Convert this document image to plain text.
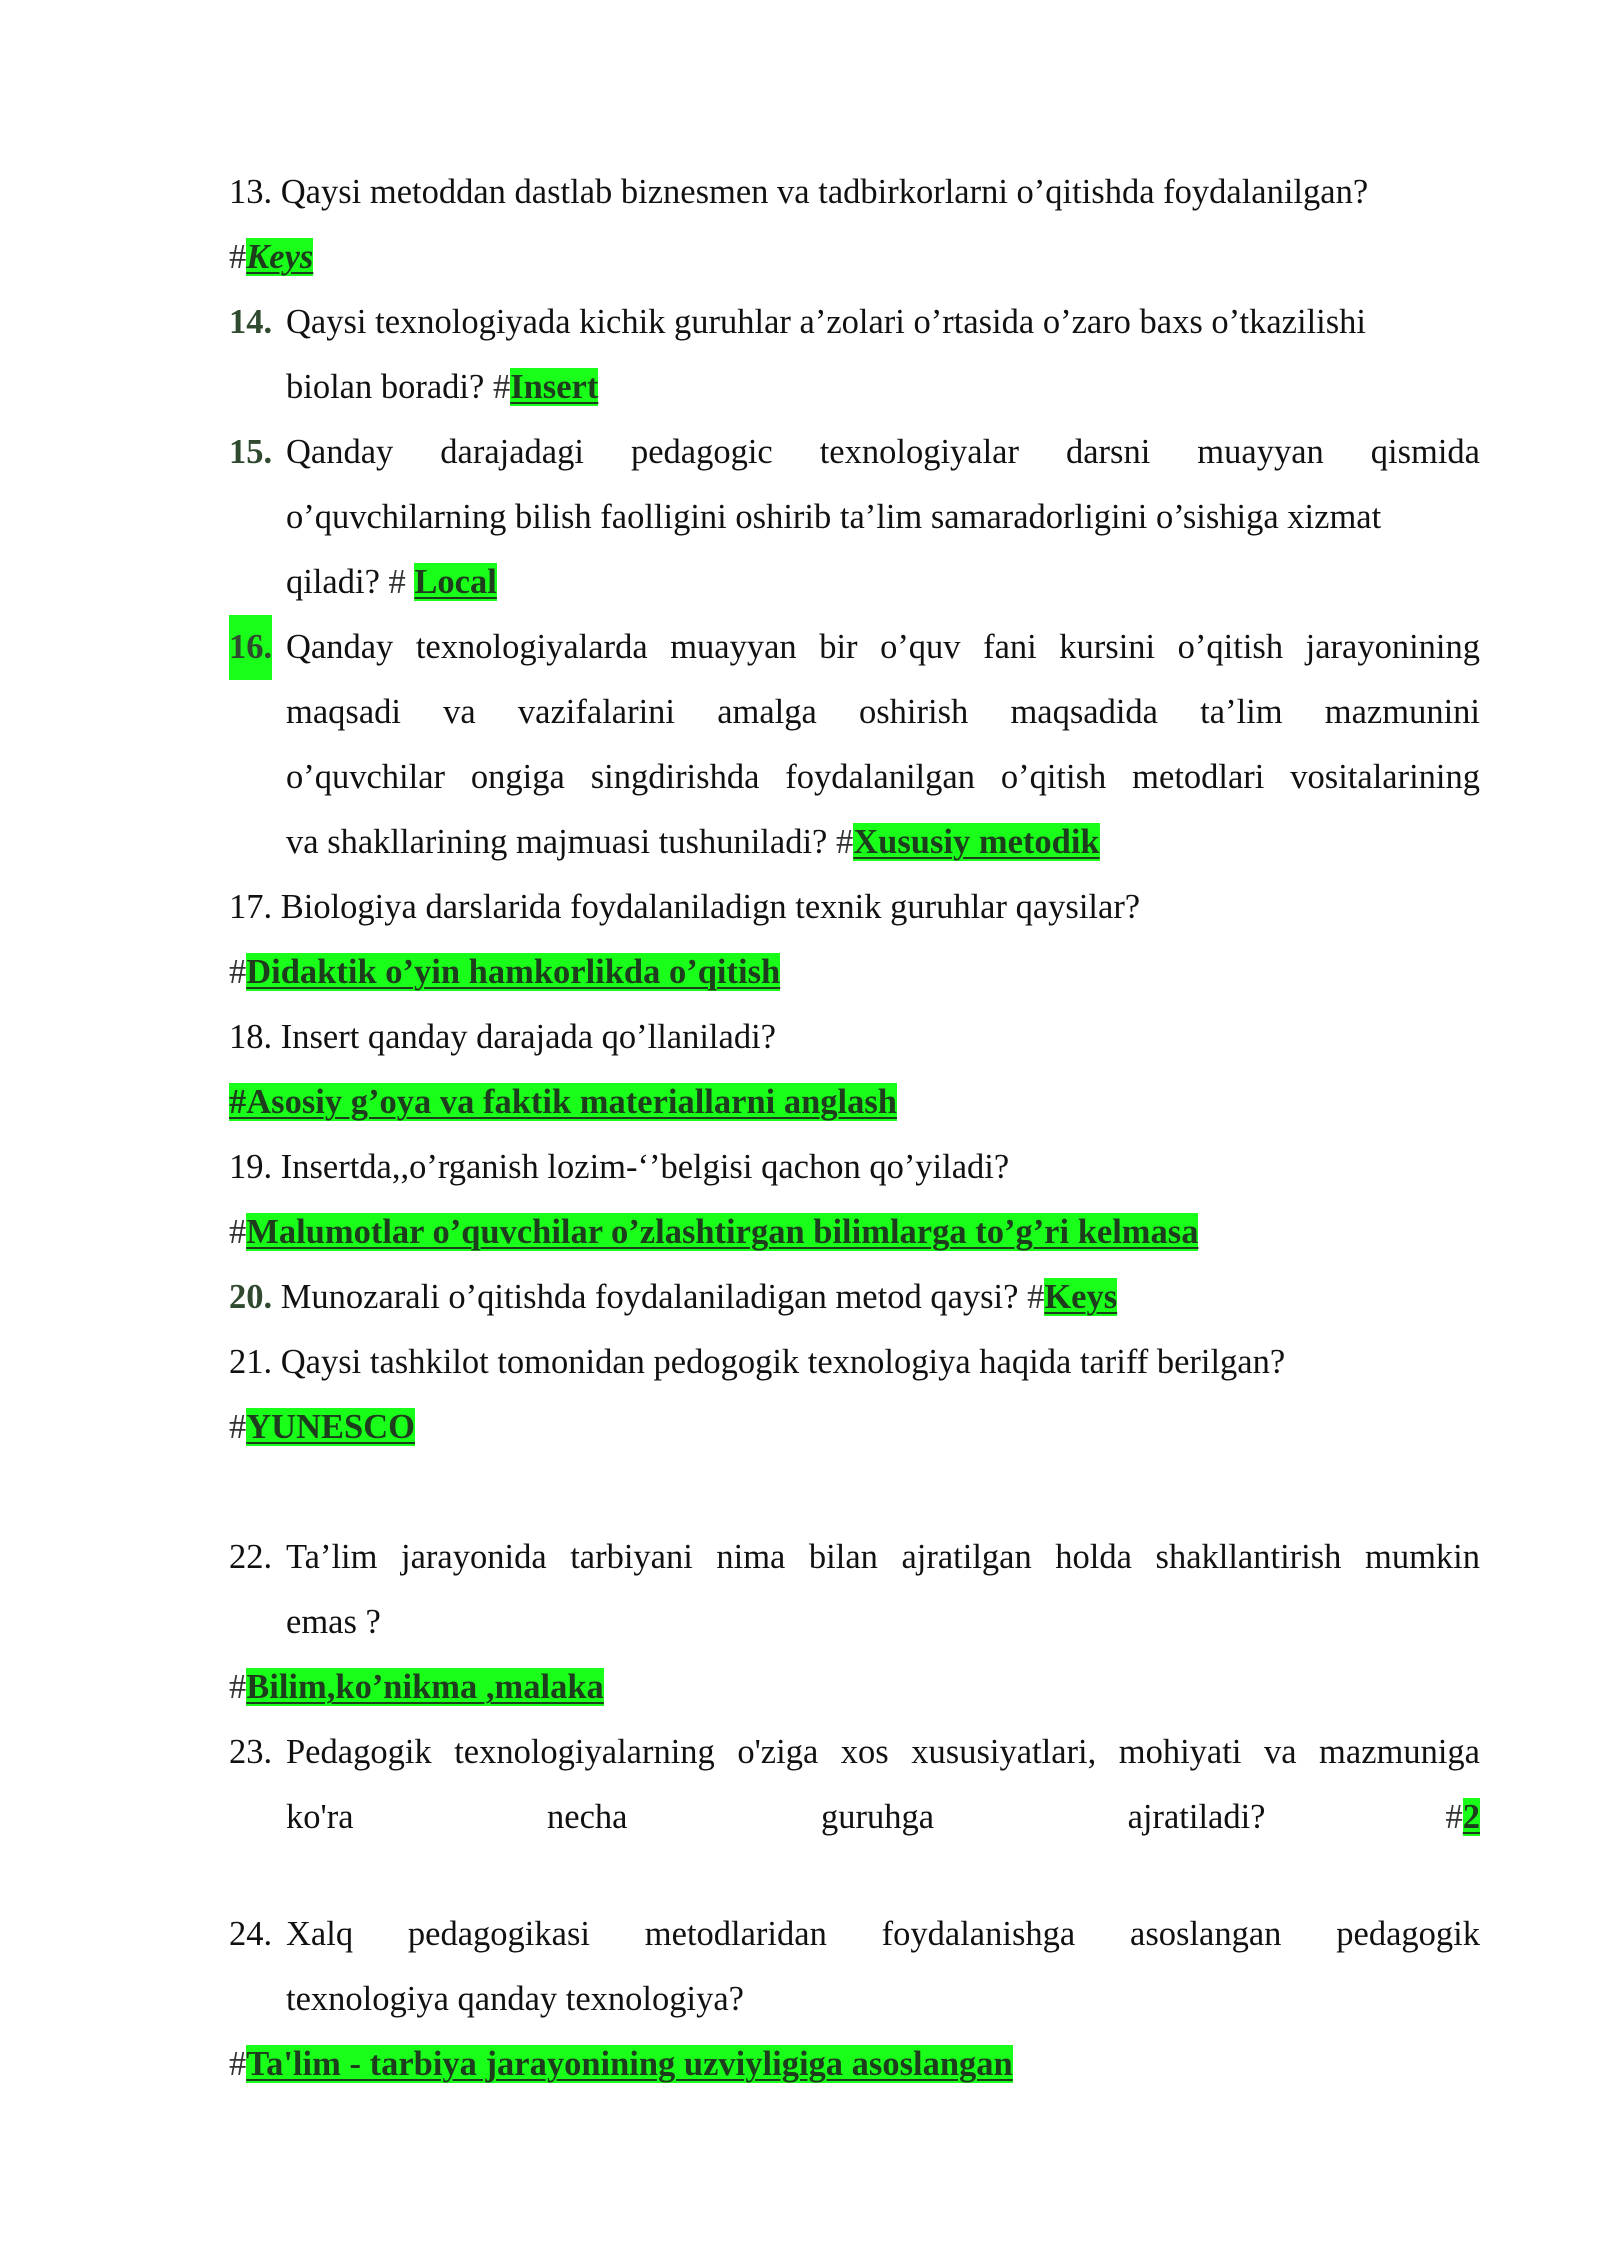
13. Qaysi metoddan dastlab biznesmen va tadbirkorlarni o’qitishda foydalanilgan?
#Keys
14. Qaysi texnologiyada kichik guruhlar a’zolari o’rtasida o’zaro baxs o’tkazilishi
biolan boradi? #Insert
15. Qanday darajadagi pedagogic texnologiyalar darsni muayyan qismida
o’quvchilarning bilish faolligini oshirib ta’lim samaradorligini o’sishiga xizmat
qiladi? # Local
16. Qanday texnologiyalarda muayyan bir o’quv fani kursini o’qitish jarayonining
maqsadi va vazifalarini amalga oshirish maqsadida ta’lim mazmunini
o’quvchilar ongiga singdirishda foydalanilgan o’qitish metodlari vositalarining
va shakllarining majmuasi tushuniladi? #Xususiy metodik
17. Biologiya darslarida foydalaniladign texnik guruhlar qaysilar?
#Didaktik o’yin hamkorlikda o’qitish
18. Insert qanday darajada qo’llaniladi?
#Asosiy g’oya va faktik materiallarni anglash
19. Insertda,,o’rganish lozim-‘’belgisi qachon qo’yiladi?
#Malumotlar o’quvchilar o’zlashtirgan bilimlarga to’g’ri kelmasa
20. Munozarali o’qitishda foydalaniladigan metod qaysi? #Keys
21. Qaysi tashkilot tomonidan pedogogik texnologiya haqida tariff berilgan?
#YUNESCO
22. Ta’lim jarayonida tarbiyani nima bilan ajratilgan holda shakllantirish mumkin
emas ?
#Bilim,ko’nikma ,malaka
23. Pedagogik texnologiyalarning o'ziga xos xususiyatlari, mohiyati va mazmuniga
ko'ra necha guruhga ajratiladi?	#2
24. Xalq pedagogikasi metodlaridan foydalanishga asoslangan pedagogik
texnologiya qanday texnologiya?
#Ta'lim - tarbiya jarayonining uzviyligiga asoslangan
